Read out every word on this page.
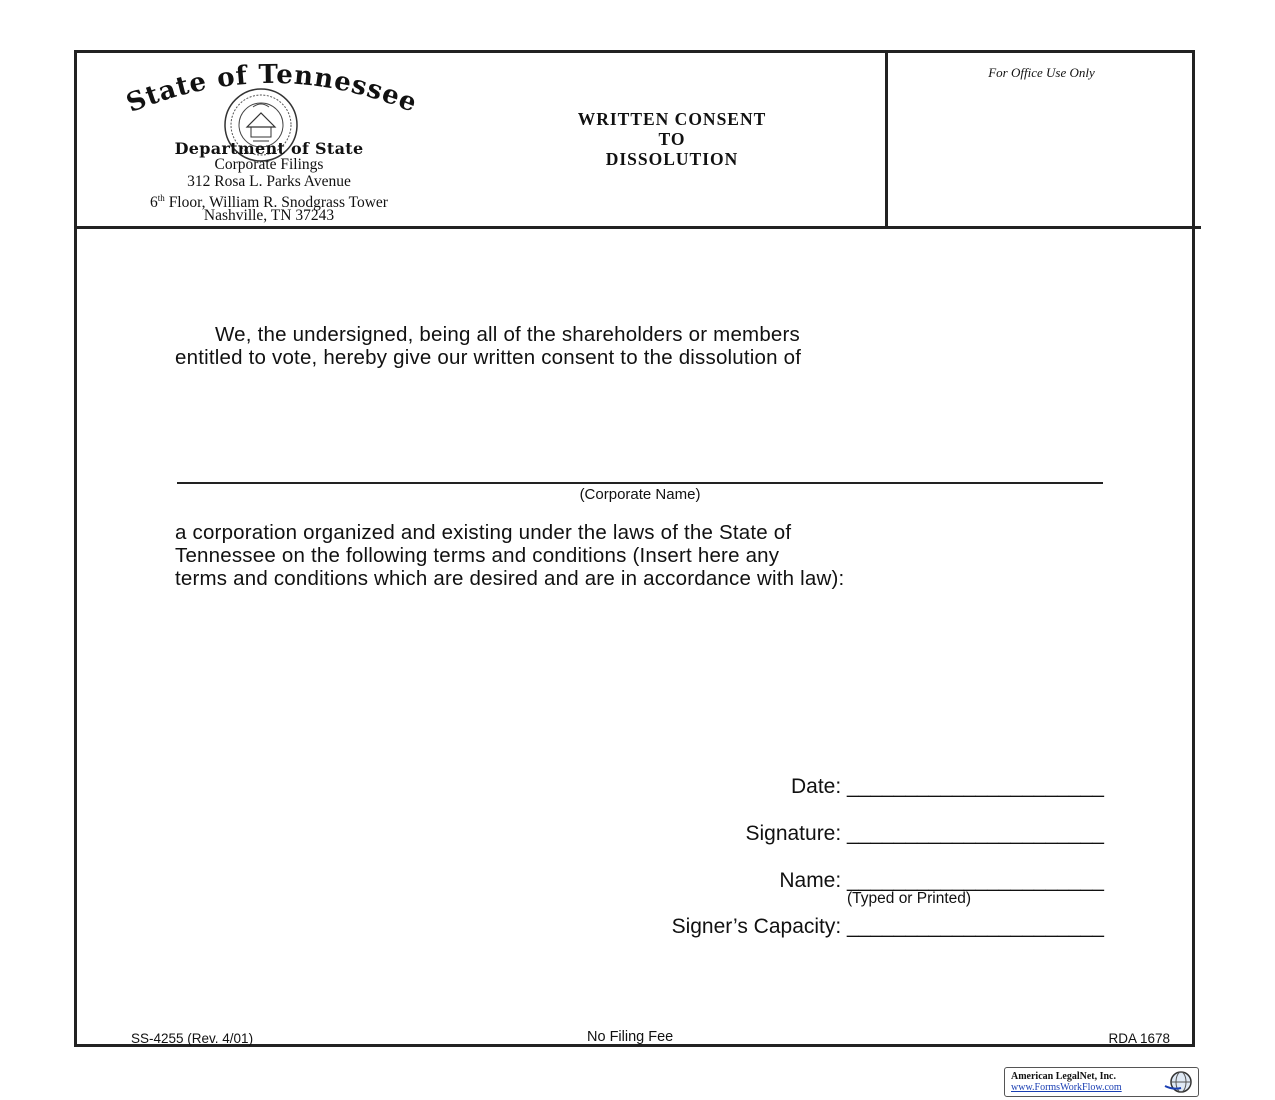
State of Tennessee
Department of State
Corporate Filings
312 Rosa L. Parks Avenue
6th Floor, William R. Snodgrass Tower
Nashville, TN 37243
WRITTEN CONSENT
TO
DISSOLUTION
For Office Use Only
We, the undersigned, being all of the shareholders or members
entitled to vote, hereby give our written consent to the dissolution of
(Corporate Name)
a corporation organized and existing under the laws of the State of
Tennessee on the following terms and conditions (Insert here any
terms and conditions which are desired and are in accordance with law):
Date: ______________________
Signature: ______________________
Name: ______________________
(Typed or Printed)
Signer’s Capacity: ______________________
SS-4255 (Rev. 4/01)	No Filing Fee	RDA 1678
American LegalNet, Inc.
www.FormsWorkFlow.com
